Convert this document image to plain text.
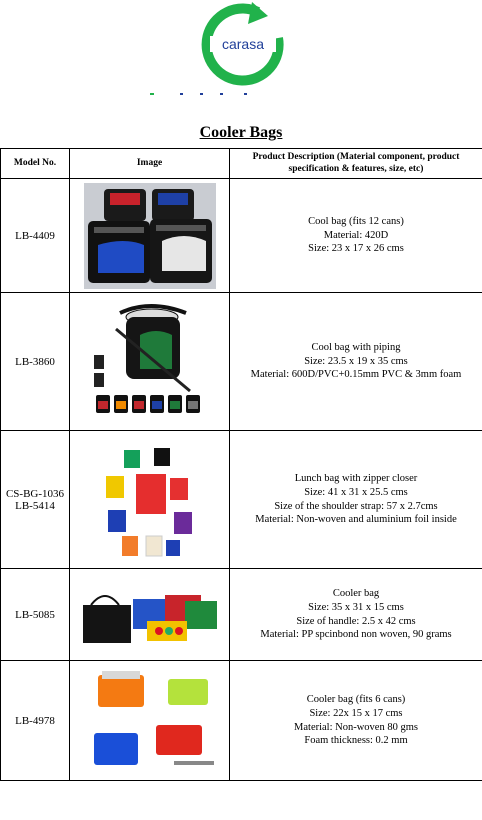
carasa
Cooler Bags
Model No.	Image	Product Description (Material component, product specification & features, size, etc)

LB-4409		Cool bag (fits 12 cans)
Material: 420D
Size: 23 x 17 x 26 cms

LB-3860		Cool bag with piping
Size: 23.5 x 19 x 35 cms
Material: 600D/PVC+0.15mm PVC & 3mm foam

CS-BG-1036
LB-5414		Lunch bag with zipper closer
Size: 41 x 31 x 25.5 cms
Size of the shoulder strap: 57 x 2.7cms
Material: Non-woven and aluminium foil inside

LB-5085		Cooler bag
Size: 35 x 31 x 15 cms
Size of handle: 2.5 x 42 cms
Material: PP spcinbond non woven, 90 grams

LB-4978		Cooler bag (fits 6 cans)
Size: 22x 15 x 17 cms
Material: Non-woven 80 gms
Foam thickness: 0.2 mm
